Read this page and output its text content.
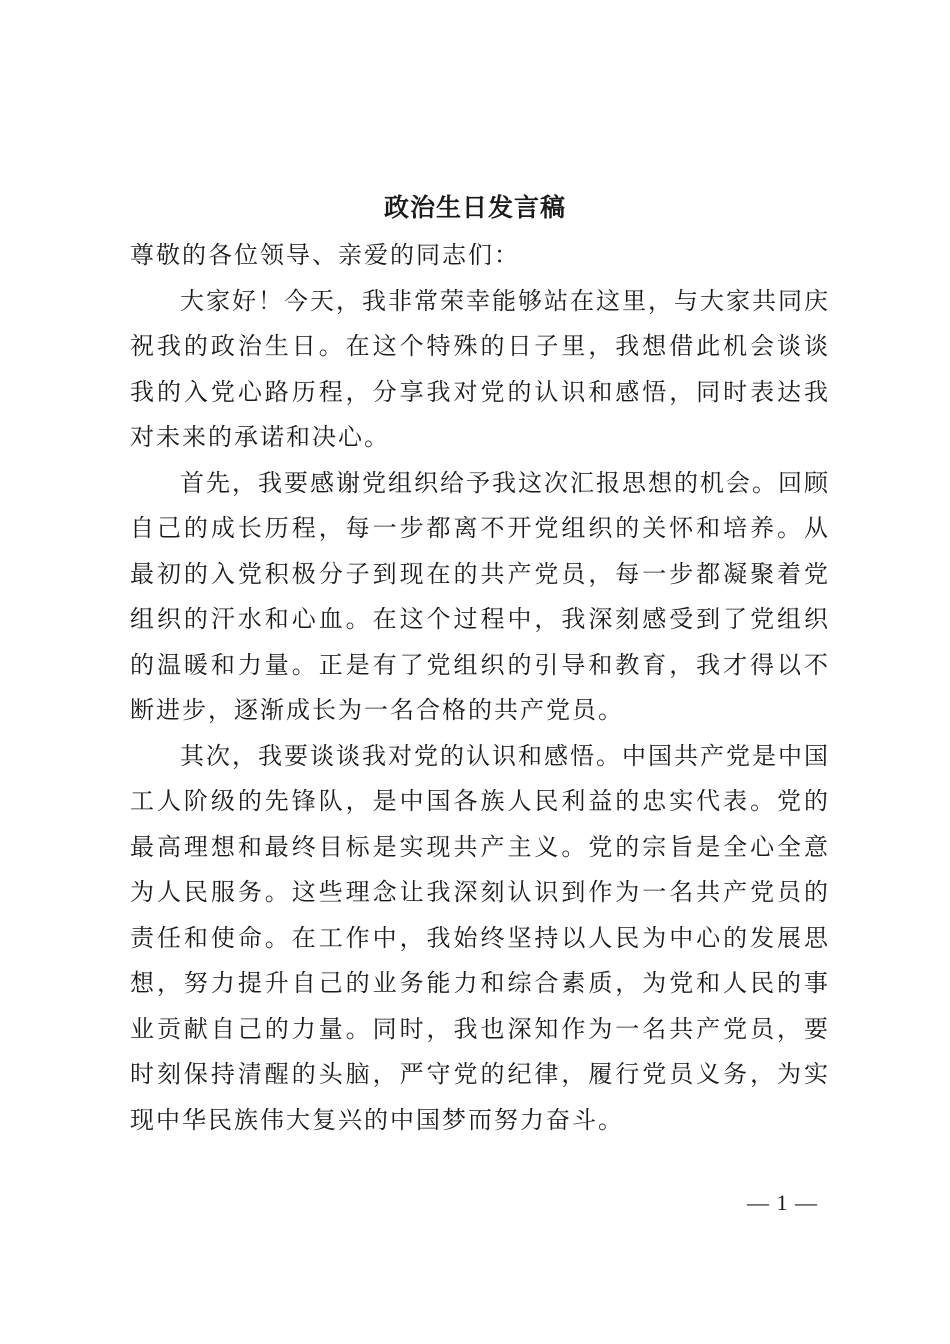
政治生日发言稿

尊敬的各位领导、亲爱的同志们：

大家好！今天，我非常荣幸能够站在这里，与大家共同庆祝我的政治生日。在这个特殊的日子里，我想借此机会谈谈我的入党心路历程，分享我对党的认识和感悟，同时表达我对未来的承诺和决心。

首先，我要感谢党组织给予我这次汇报思想的机会。回顾自己的成长历程，每一步都离不开党组织的关怀和培养。从最初的入党积极分子到现在的共产党员，每一步都凝聚着党组织的汗水和心血。在这个过程中，我深刻感受到了党组织的温暖和力量。正是有了党组织的引导和教育，我才得以不断进步，逐渐成长为一名合格的共产党员。

其次，我要谈谈我对党的认识和感悟。中国共产党是中国工人阶级的先锋队，是中国各族人民利益的忠实代表。党的最高理想和最终目标是实现共产主义。党的宗旨是全心全意为人民服务。这些理念让我深刻认识到作为一名共产党员的责任和使命。在工作中，我始终坚持以人民为中心的发展思想，努力提升自己的业务能力和综合素质，为党和人民的事业贡献自己的力量。同时，我也深知作为一名共产党员，要时刻保持清醒的头脑，严守党的纪律，履行党员义务，为实现中华民族伟大复兴的中国梦而努力奋斗。

— 1 —
